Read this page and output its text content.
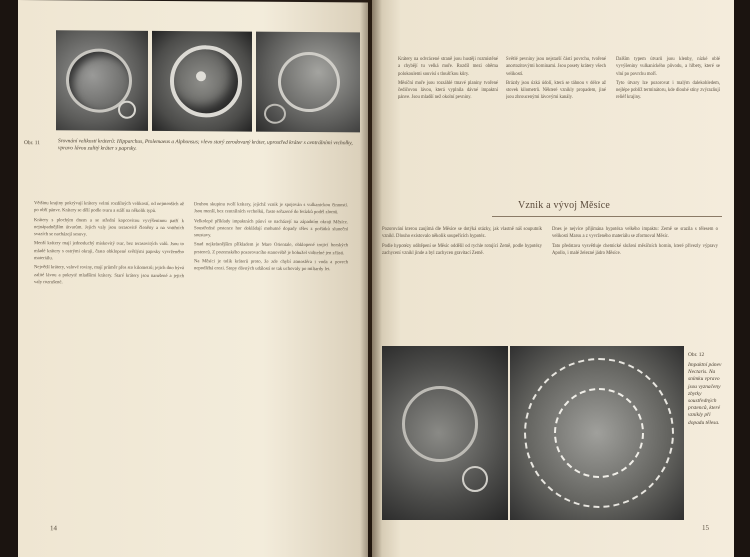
Obr. 11	Srovnání velikosti kráterů: Hipparchus, Ptolemaeus a Alphonsus; vlevo starý zerodovaný kráter, uprostřed kráter s centrálními vrcholky, vpravo lávou zalitý kráter s paprsky.

Většinu krajiny pokrývají krátery velmi rozdílných velikostí, od nejmenších až po obří pánve. Krátery se dělí podle tvaru a stáří na několik typů.

Krátery s plochým dnem a se střední kopcovitou vyvýšeninou patří k nejnápadnějším útvarům. Jejich valy jsou terasovitě členěny a na vnitřních svazích se nacházejí sesuvy.

Menší krátery mají jednoduchý miskovitý tvar, bez terasovitých valů. Jsou to mladé krátery s ostrými okraji, často obklopené světlými paprsky vyvrženého materiálu.

Největší krátery, valové roviny, mají průměr přes sto kilometrů; jejich dno bývá zalité lávou a pokryté mladšími krátery. Staré krátery jsou narušené a jejich valy rozrušené.

Druhou skupinu tvoří krátery, jejichž vznik je spojován s vulkanickou činností. Jsou menší, bez centrálních vrcholků, často seřazené do řetízků podél zlomů.

Velkolepé příklady impaktních pánví se nacházejí na západním okraji Měsíce. Soustředné prstence hor dokládají mohutné dopady těles z počátků sluneční soustavy.

Snad nejkrásnějším příkladem je Mare Orientale, obklopené trojicí horských prstenců. Z pozemského pozorovacího stanoviště je bohužel viditelné jen zčásti.

Na Měsíci je tolik kráterů proto, že zde chybí atmosféra i voda a povrch nepodléhá erozi. Stopy dávných událostí se tak uchovaly po miliardy let.

14

Krátery na odvrácené straně jsou hustěji rozmístěné a chybějí tu velká moře. Rozdíl mezi oběma polokoulemi souvisí s tloušťkou kůry.

Měsíční moře jsou rozsáhlé tmavé planiny tvořené čedičovou lávou, která vyplnila dávné impaktní pánve. Jsou mladší než okolní pevniny.

Světlé pevniny jsou nejstarší částí povrchu, tvořené anortozitovými horninami. Jsou posety krátery všech velikostí.

Brázdy jsou úzká údolí, která se táhnou v délce až stovek kilometrů. Některé vznikly propadem, jiné jsou zhroucenými lávovými kanály.

Dalším typem útvarů jsou klenby, nízké oblé vyvýšeniny vulkanického původu, a hřbety, které se vlní po povrchu moří.

Tyto útvary lze pozorovat i malým dalekohledem, nejlépe poblíž terminátoru, kde dlouhé stíny zvýrazňují reliéf krajiny.

Vznik a vývoj Měsíce

Pozorování kterou zaujímá dle Měsíce se dotýká otázky, jak vlastně náš souputník vznikl. Dlouho existovalo několik soupeřících hypotéz.

Podle hypotézy odštěpení se Měsíc oddělil od rychle rotující Země, podle hypotézy zachycení vznikl jinde a byl zachycen gravitací Země.

Dnes je nejvíce přijímána hypotéza velkého impaktu: Země se srazila s tělesem o velikosti Marsu a z vyvrženého materiálu se zformoval Měsíc.

Tato představa vysvětluje chemické složení měsíčních hornin, které přivezly výpravy Apollo, i malé železné jádro Měsíce.

Obr. 12
Impaktní pánev Nectaris. Na snímku vpravo jsou vyznačeny zbytky soustředných prstenců, které vznikly při dopadu tělesa.
15
